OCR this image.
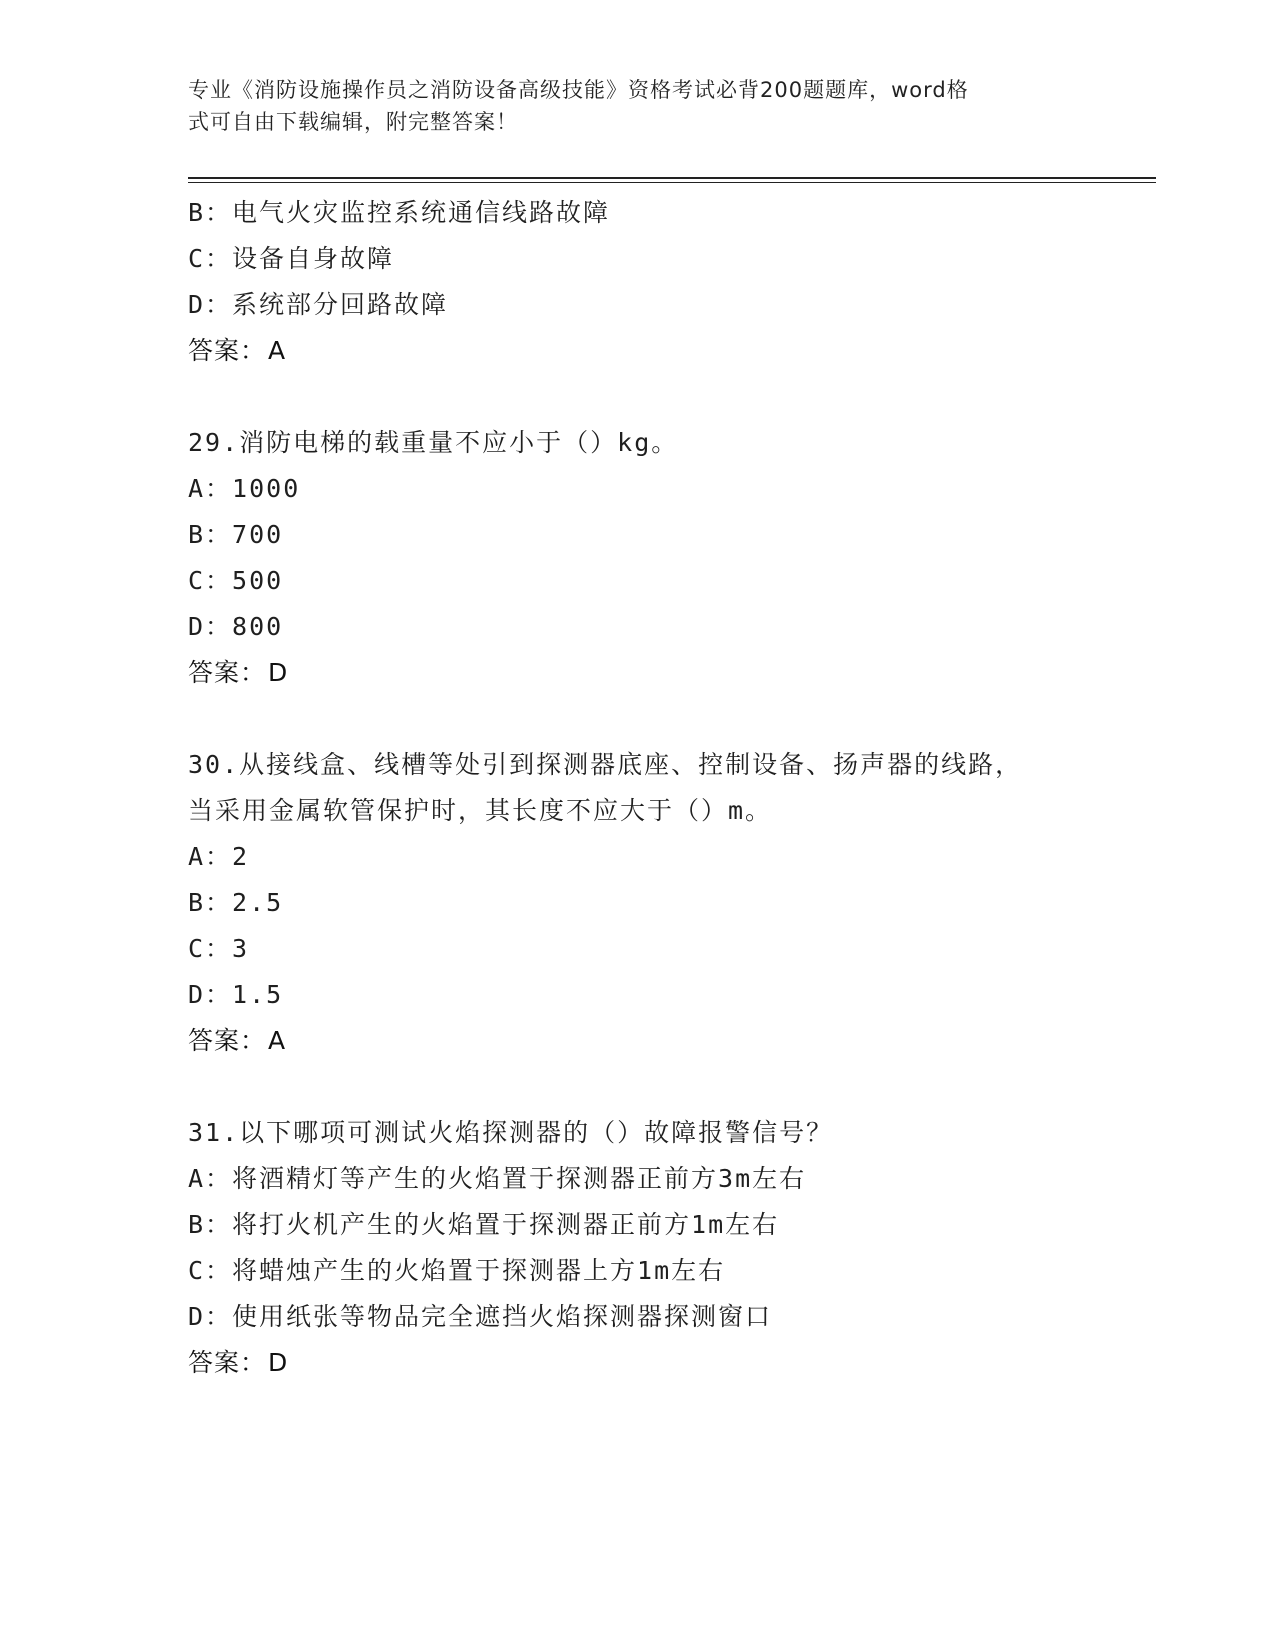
专业《消防设施操作员之消防设备高级技能》资格考试必背200题题库，word格
式可自由下载编辑，附完整答案！
B：电气火灾监控系统通信线路故障
C：设备自身故障
D：系统部分回路故障
答案：A
29.消防电梯的载重量不应小于（）kg。
A：1000
B：700
C：500
D：800
答案：D
30.从接线盒、线槽等处引到探测器底座、控制设备、扬声器的线路，
当采用金属软管保护时，其长度不应大于（）m。
A：2
B：2.5
C：3
D：1.5
答案：A
31.以下哪项可测试火焰探测器的（）故障报警信号？
A：将酒精灯等产生的火焰置于探测器正前方3m左右
B：将打火机产生的火焰置于探测器正前方1m左右
C：将蜡烛产生的火焰置于探测器上方1m左右
D：使用纸张等物品完全遮挡火焰探测器探测窗口
答案：D
